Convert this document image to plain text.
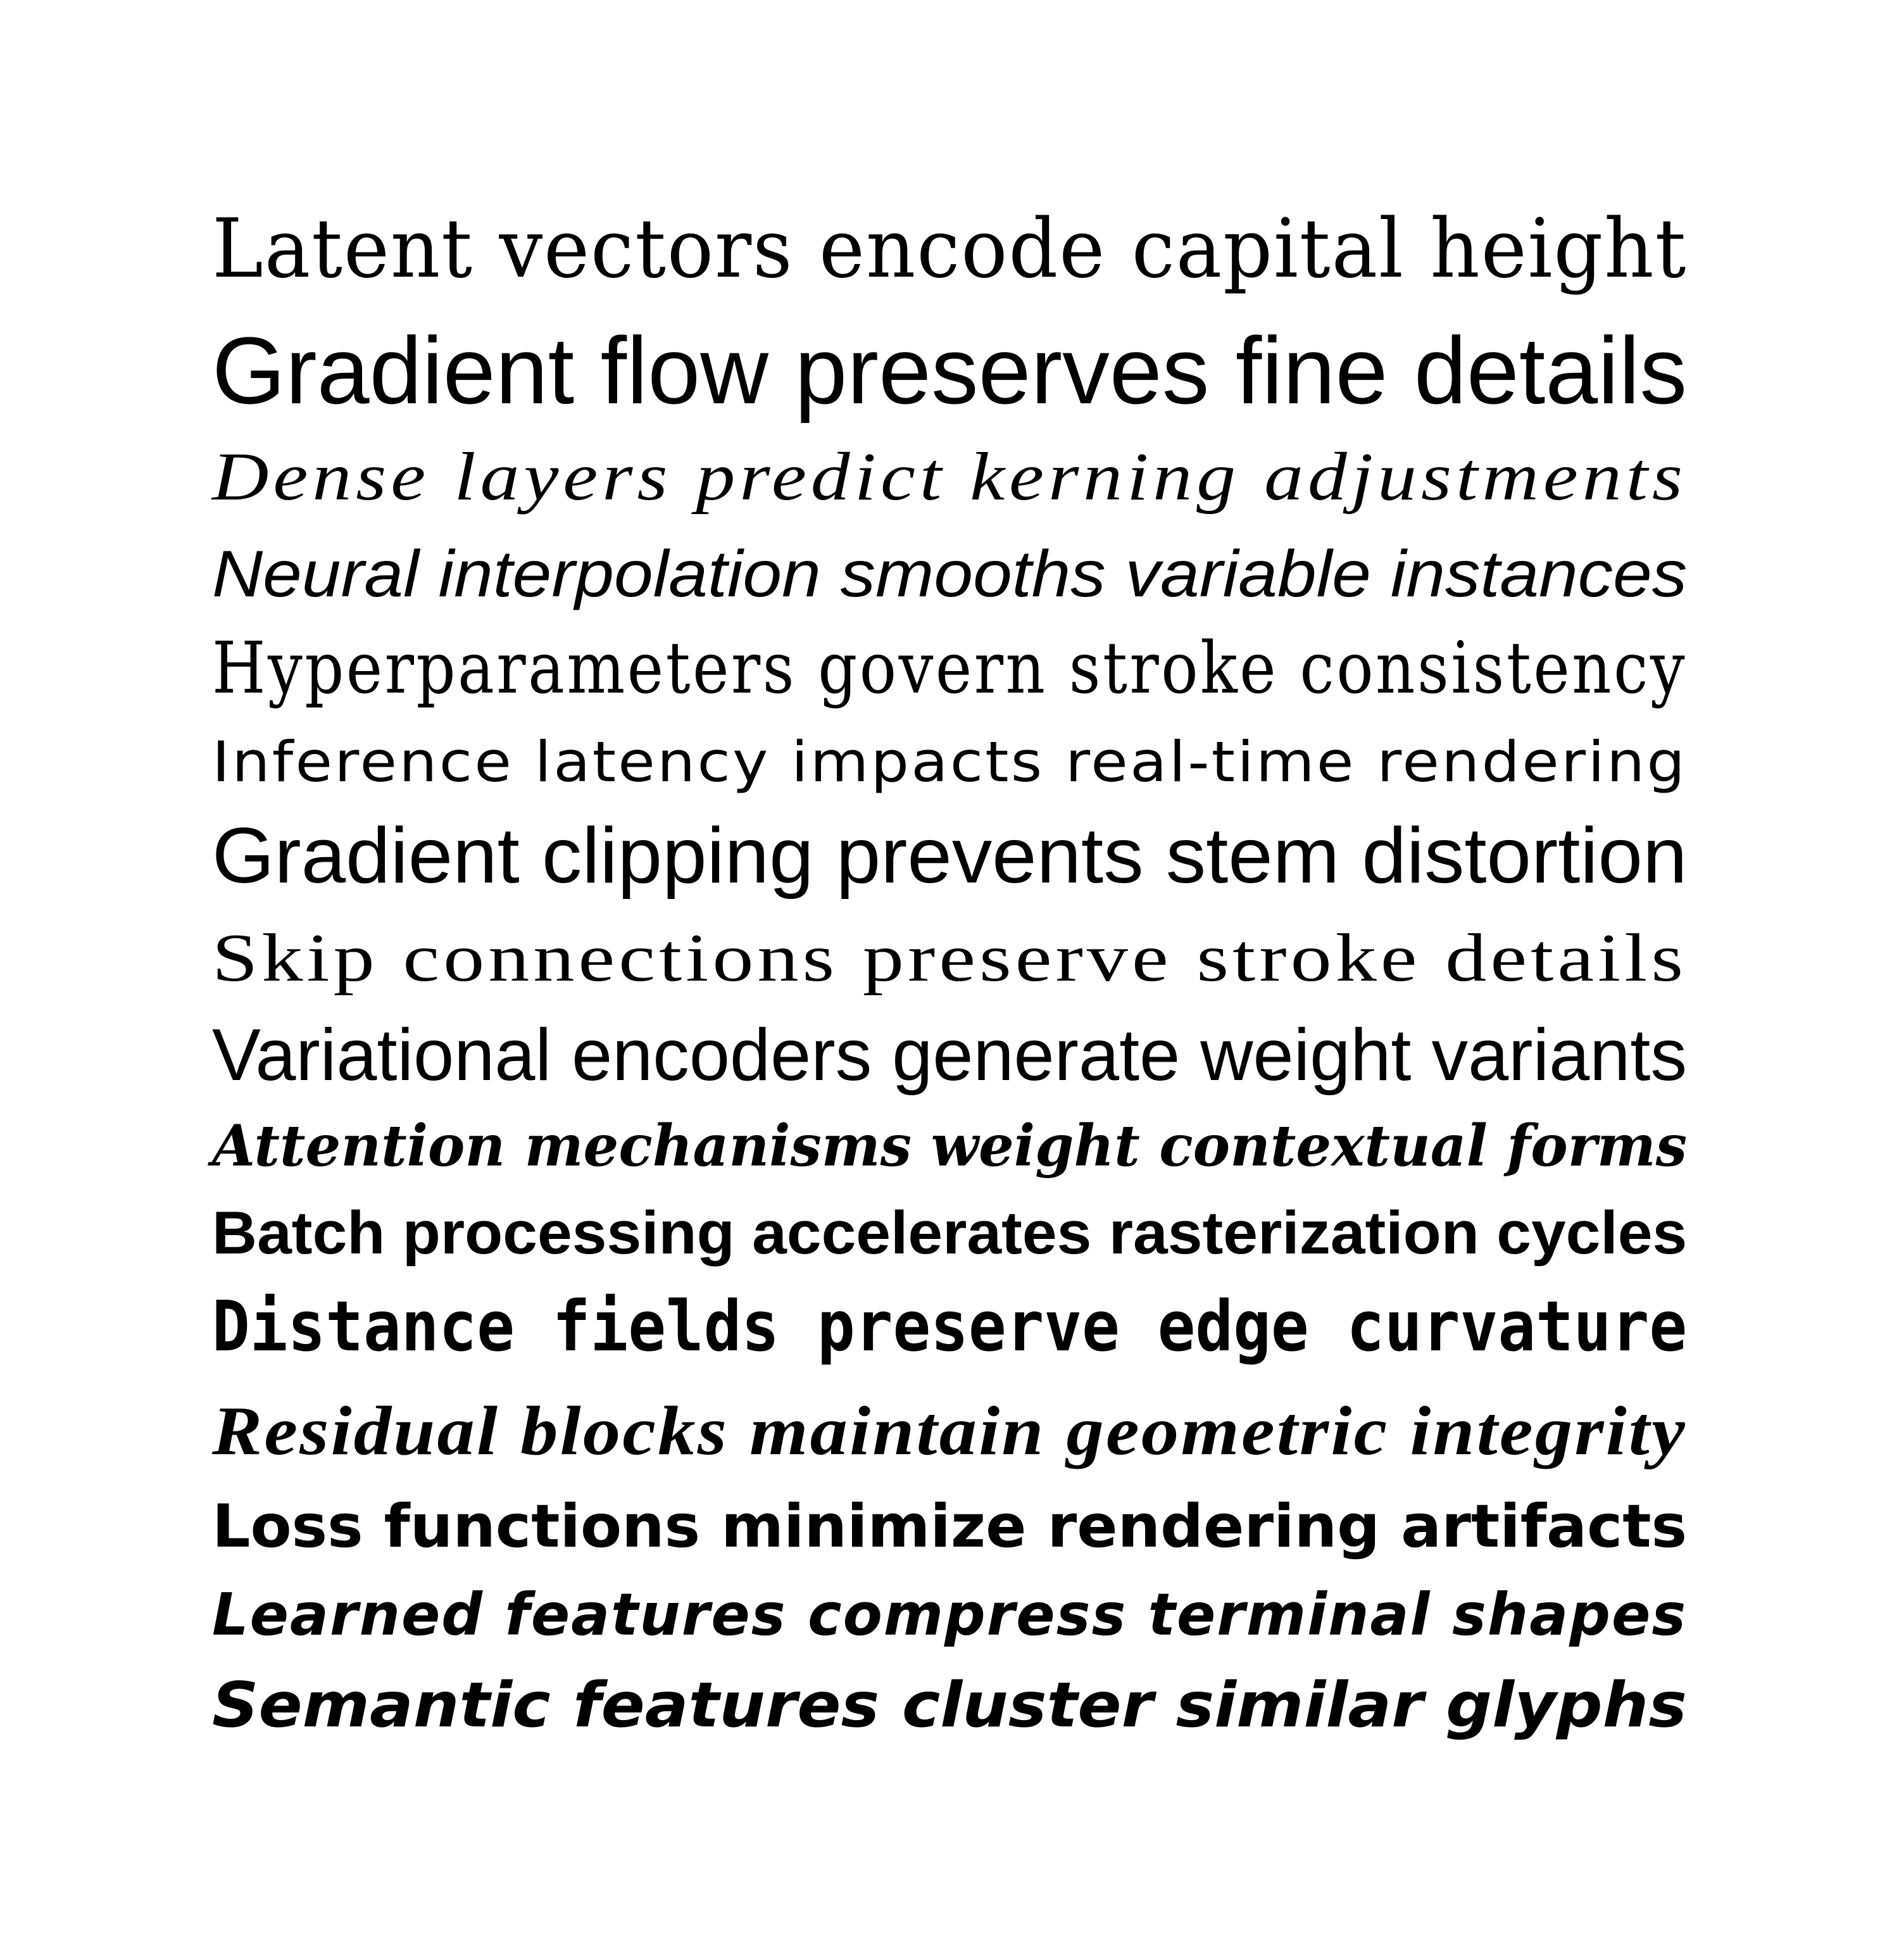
Latent vectors encode capital height

Gradient flow preserves fine details

Dense layers predict kerning adjustments

Neural interpolation smooths variable instances

Hyperparameters govern stroke consistency

Inference latency impacts real-time rendering

Gradient clipping prevents stem distortion

Skip connections preserve stroke details

Variational encoders generate weight variants

Attention mechanisms weight contextual forms

Batch processing accelerates rasterization cycles

Distance fields preserve edge curvature

Residual blocks maintain geometric integrity

Loss functions minimize rendering artifacts

Learned features compress terminal shapes

Semantic features cluster similar glyphs
